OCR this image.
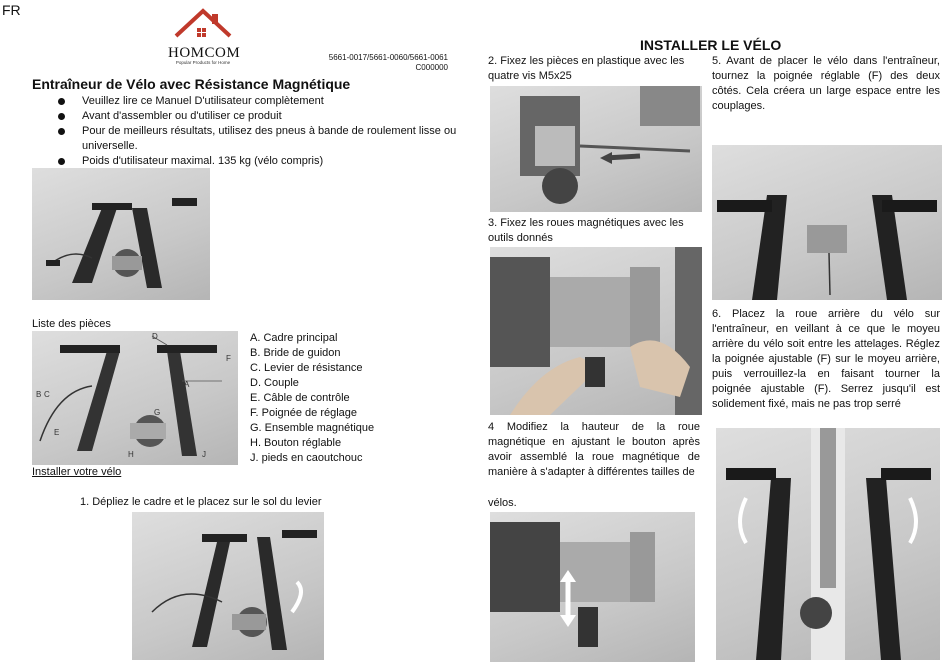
FR
HOMCOM
Popular Products for Home
5661-0017/5661-0060/5661-0061
C000000
Entraîneur de Vélo avec Résistance Magnétique
Veuillez lire ce Manuel D'utilisateur complètement
Avant d'assembler ou d'utiliser ce produit
Pour de meilleurs résultats, utilisez des pneus à bande de roulement lisse ou universelle.
Poids d'utilisateur maximal. 135 kg (vélo compris)
Liste des pièces
A
B C
D
E
F
G
H	J
A. Cadre principal
B. Bride de guidon
C. Levier de résistance
D. Couple
E. Câble de contrôle
F. Poignée de réglage
G. Ensemble magnétique
H. Bouton réglable
J. pieds en caoutchouc
Installer votre vélo
1. Dépliez le cadre et le placez sur le sol du levier
INSTALLER LE VÉLO
2. Fixez les pièces en plastique avec les quatre vis M5x25
3. Fixez les roues magnétiques avec les outils donnés
4 Modifiez la hauteur de la roue magnétique en ajustant le bouton après avoir assemblé la roue magnétique de manière à s'adapter à différentes tailles de
vélos.
5. Avant de placer le vélo dans l'entraîneur, tournez la poignée réglable (F) des deux côtés. Cela créera un large espace entre les couplages.
6. Placez la roue arrière du vélo sur l'entraîneur, en veillant à ce que le moyeu arrière du vélo soit entre les attelages. Réglez la poignée ajustable (F) sur le moyeu arrière, puis verrouillez-la en faisant tourner la poignée ajustable (F). Serrez jusqu'il est solidement fixé, mais ne pas trop serré
